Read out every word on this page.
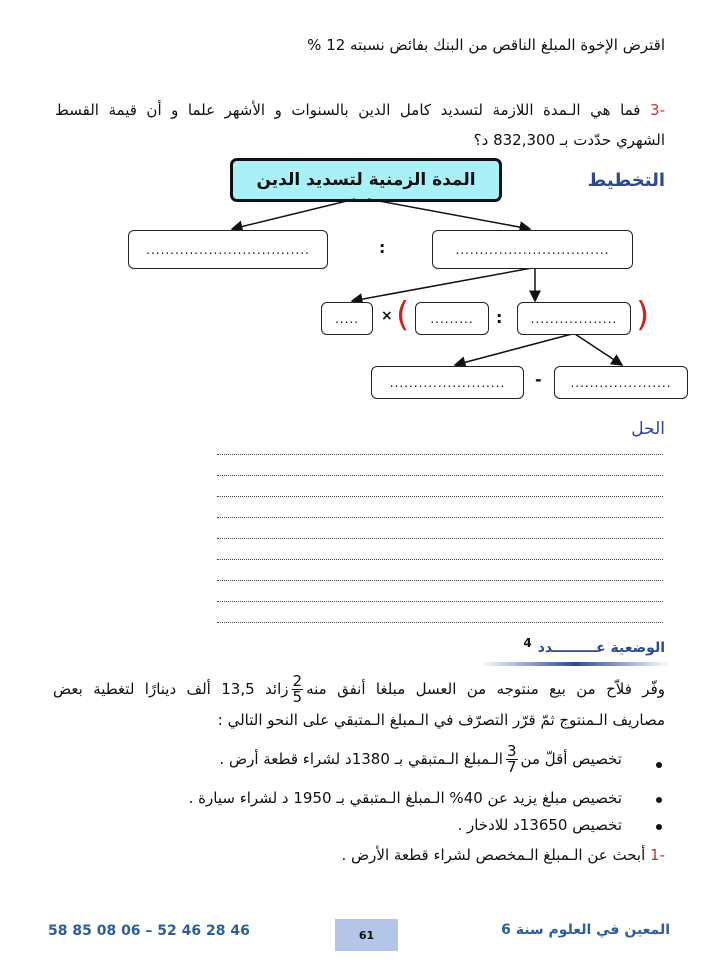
اقترض الإخوة المبلغ الناقص من البنك بفائض نسبته 12 %
-3 فما هي الـمدة اللازمة لتسديد كامل الدين بالسنوات و الأشهر علما و أن قيمة القسط
الشهري حدّدت بـ 832,300 د؟
التخطيط
المدة الزمنية لتسديد الدين
..................................	:	................................
.....	× (	.........	:	.................. )
........................	-	.....................
الحل
الوضعية عـــــــــدد
4
وفّر فلاّح من بيع منتوجه من العسل مبلغا أنفق منه
$\frac{2}{5}$
زائد 13,5 ألف دينارًا لتغطية بعض
مصاريف الـمنتوج ثمّ قرّر التصرّف في الـمبلغ الـمتبقي على النحو التالي :
تخصيص أقلّ من
$\frac{3}{7}$
الـمبلغ الـمتبقي بـ 1380د لشراء قطعة أرض .
تخصيص مبلغ يزيد عن 40% الـمبلغ الـمتبقي بـ 1950 د لشراء سيارة .
تخصيص 13650د للادخار .
-1 أبحث عن الـمبلغ الـمخصص لشراء قطعة الأرض .
58 85 08 06 – 52 46 28 46	61	المعين في العلوم سنة 6
